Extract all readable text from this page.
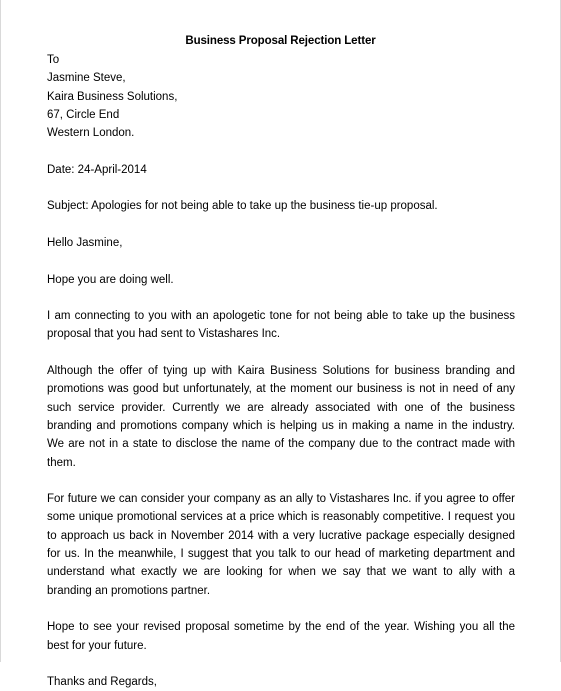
Business Proposal Rejection Letter
To
Jasmine Steve,
Kaira Business Solutions,
67, Circle End
Western London.
Date: 24-April-2014
Subject: Apologies for not being able to take up the business tie-up proposal.
Hello Jasmine,

Hope you are doing well.

I am connecting to you with an apologetic tone for not being able to take up the business proposal that you had sent to Vistashares Inc.

Although the offer of tying up with Kaira Business Solutions for business branding and promotions was good but unfortunately, at the moment our business is not in need of any such service provider. Currently we are already associated with one of the business branding and promotions company which is helping us in making a name in the industry. We are not in a state to disclose the name of the company due to the contract made with them.

For future we can consider your company as an ally to Vistashares Inc. if you agree to offer some unique promotional services at a price which is reasonably competitive. I request you to approach us back in November 2014 with a very lucrative package especially designed for us. In the meanwhile, I suggest that you talk to our head of marketing department and understand what exactly we are looking for when we say that we want to ally with a branding an promotions partner.

Hope to see your revised proposal sometime by the end of the year. Wishing you all the best for your future.

Thanks and Regards,
